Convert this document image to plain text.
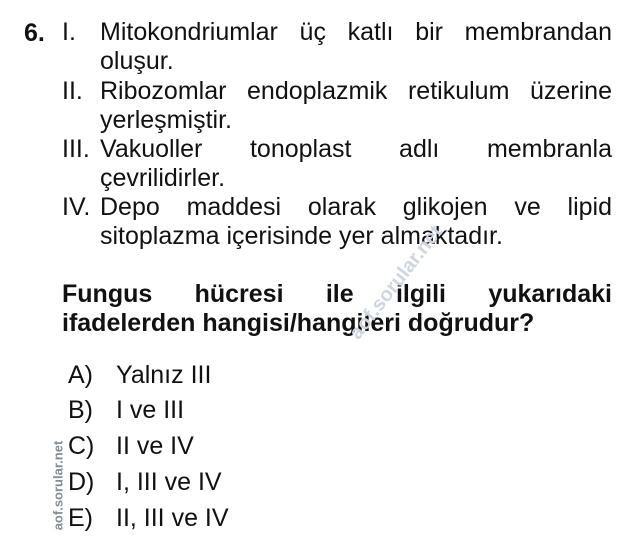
6. I. Mitokondriumlar üç katlı bir membrandan
oluşur.
II. Ribozomlar endoplazmik retikulum üzerine
yerleşmiştir.
III. Vakuoller tonoplast adlı membranla
çevrilidirler.
IV. Depo maddesi olarak glikojen ve lipid
sitoplazma içerisinde yer almaktadır.
Fungus hücresi ile ilgili yukarıdaki
ifadelerden hangisi/hangileri doğrudur?
A) Yalnız III
B) I ve III
C) II ve IV
D) I, III ve IV
E) II, III ve IV
aof.sorular.net
aof.sorular.net
